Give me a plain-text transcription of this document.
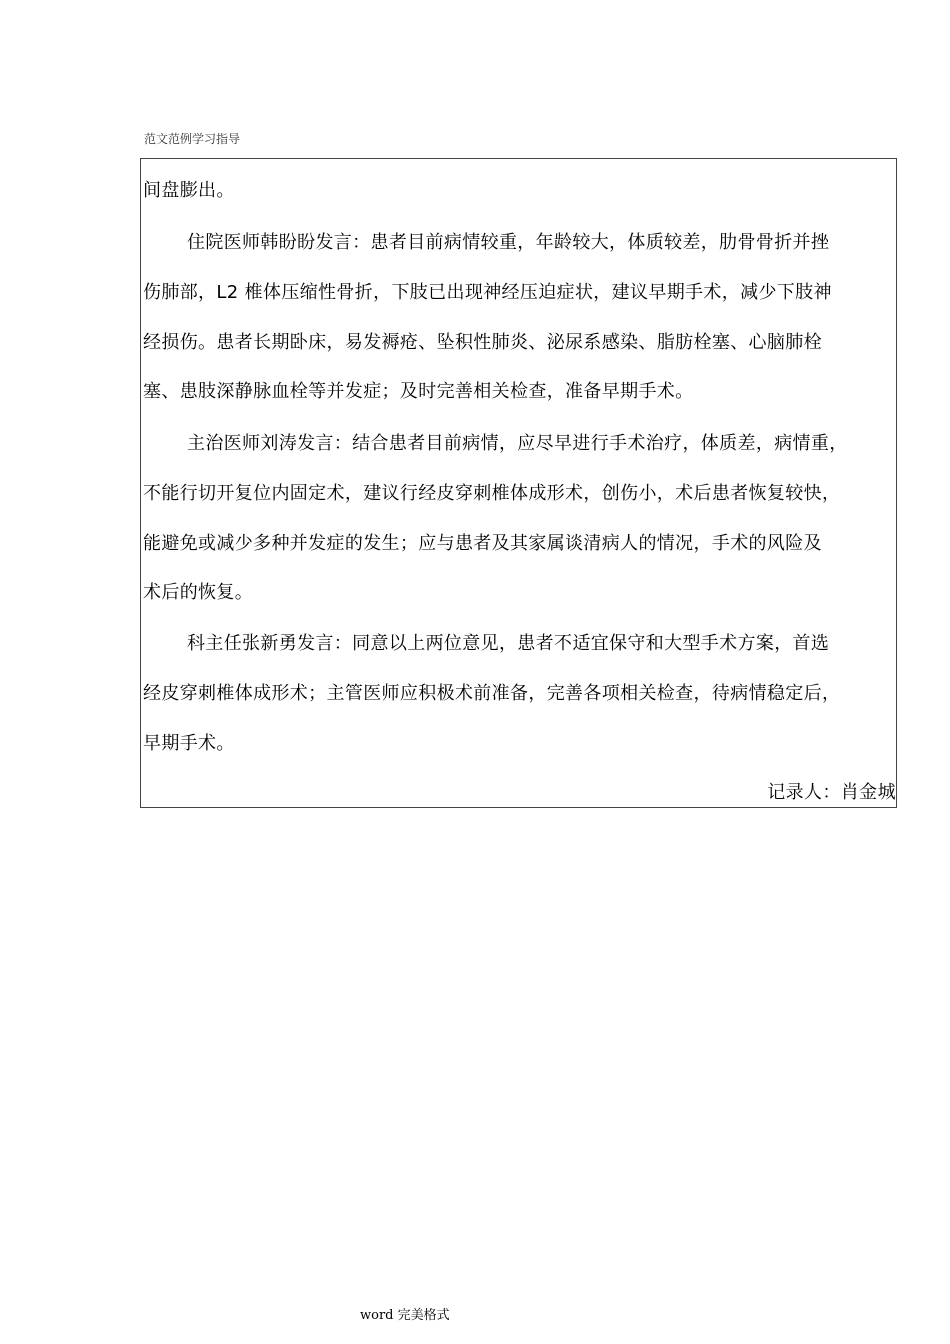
范文范例学习指导
间盘膨出。
住院医师韩盼盼发言：患者目前病情较重，年龄较大，体质较差，肋骨骨折并挫
伤肺部，L2 椎体压缩性骨折，下肢已出现神经压迫症状，建议早期手术，减少下肢神
经损伤。患者长期卧床，易发褥疮、坠积性肺炎、泌尿系感染、脂肪栓塞、心脑肺栓
塞、患肢深静脉血栓等并发症；及时完善相关检查，准备早期手术。
主治医师刘涛发言：结合患者目前病情，应尽早进行手术治疗，体质差，病情重，
不能行切开复位内固定术，建议行经皮穿刺椎体成形术，创伤小，术后患者恢复较快，
能避免或减少多种并发症的发生；应与患者及其家属谈清病人的情况，手术的风险及
术后的恢复。
科主任张新勇发言：同意以上两位意见，患者不适宜保守和大型手术方案，首选
经皮穿刺椎体成形术；主管医师应积极术前准备，完善各项相关检查，待病情稳定后，
早期手术。
记录人：肖金城
word 完美格式
